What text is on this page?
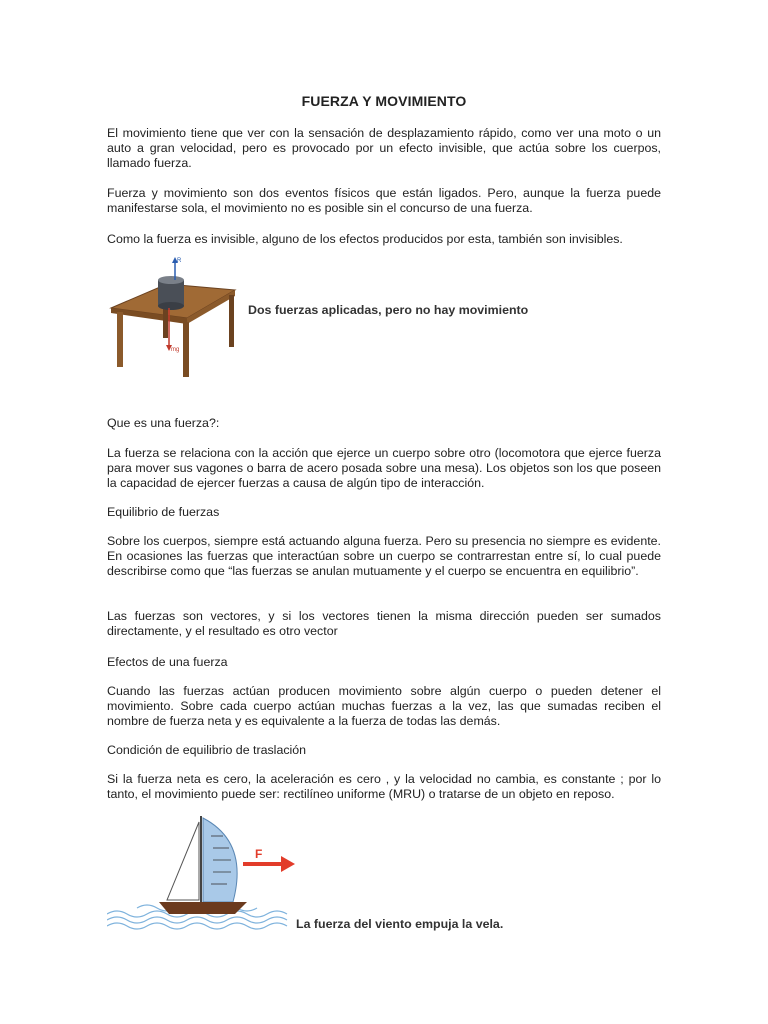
FUERZA Y MOVIMIENTO
El movimiento tiene que ver con la sensación de desplazamiento rápido, como ver una moto o un auto a gran velocidad, pero es provocado por un efecto invisible, que actúa sobre los cuerpos, llamado fuerza.
Fuerza y movimiento son dos eventos físicos que están ligados. Pero, aunque la fuerza puede manifestarse sola, el movimiento no es posible sin el concurso de una fuerza.
Como la fuerza es invisible, alguno de los efectos producidos por esta, también son invisibles.
R
mg
Dos fuerzas aplicadas, pero no hay movimiento
Que es una fuerza?:
La fuerza se relaciona con la acción que ejerce un cuerpo sobre otro (locomotora que ejerce fuerza para mover sus vagones o barra de acero posada sobre una mesa). Los objetos son los que poseen la capacidad de ejercer fuerzas a causa de algún tipo de interacción.
Equilibrio de fuerzas
Sobre los cuerpos, siempre está actuando alguna fuerza. Pero su presencia no siempre es evidente. En ocasiones las fuerzas que interactúan sobre un cuerpo se contrarrestan entre sí, lo cual puede describirse como que “las fuerzas se anulan mutuamente y el cuerpo se encuentra en equilibrio”.
Las fuerzas son vectores, y si los vectores tienen la misma dirección pueden ser sumados directamente, y el resultado es otro vector
Efectos de una fuerza
Cuando las fuerzas actúan producen movimiento sobre algún cuerpo o pueden detener el movimiento. Sobre cada cuerpo actúan muchas fuerzas a la vez, las que sumadas reciben el nombre de fuerza neta y es equivalente a la fuerza de todas las demás.
Condición de equilibrio de traslación
Si la fuerza neta es cero, la aceleración es cero , y la velocidad no cambia, es constante ; por lo tanto, el movimiento puede ser: rectilíneo uniforme (MRU) o tratarse de un objeto en reposo.
F
La fuerza del viento empuja la vela.
